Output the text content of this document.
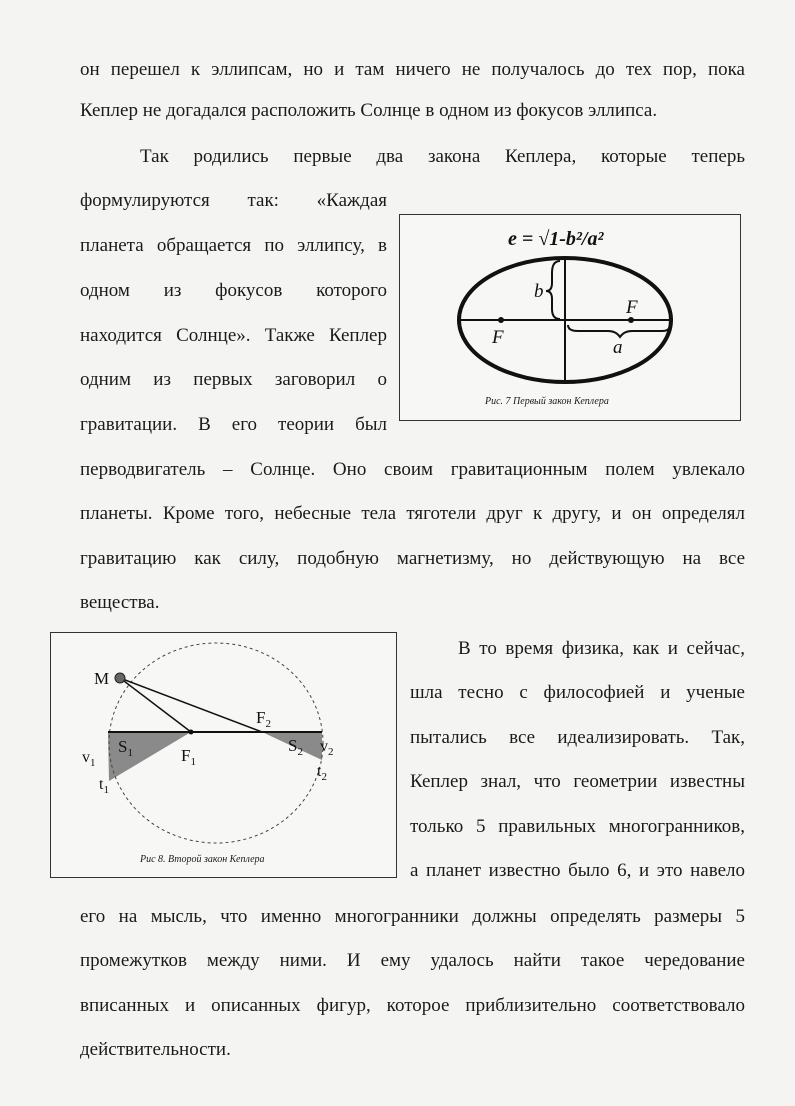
он перешел к эллипсам, но и там ничего не получалось до тех пор, пока
Кеплер не догадался расположить Солнце в одном из фокусов эллипса.
Так родились первые два закона Кеплера, которые теперь
формулируются так: «Каждая
планета обращается по эллипсу, в
одном из фокусов которого
находится Солнце». Также Кеплер
одним из первых заговорил о
гравитации. В его теории был
перводвигатель – Солнце. Оно своим гравитационным полем увлекало
планеты. Кроме того, небесные тела тяготели друг к другу, и он определял
гравитацию как силу, подобную магнетизму, но действующую на все
вещества.
В то время физика, как и сейчас,
шла тесно с философией и ученые
пытались все идеализировать. Так,
Кеплер знал, что геометрии известны
только 5 правильных многогранников,
а планет известно было 6, и это навело
его на мысль, что именно многогранники должны определять размеры 5
промежутков между ними. И ему удалось найти такое чередование
вписанных и описанных фигур, которое приблизительно соответствовало
действительности.
e = √1-b²/a²
b
F
F
a
Рис. 7 Первый закон Кеплера
M
$F_2$
$F_1$
$S_1$	$S_2$
$v_1$
$v_2$
$t_1$
$t_2$
Рис 8. Второй закон Кеплера
